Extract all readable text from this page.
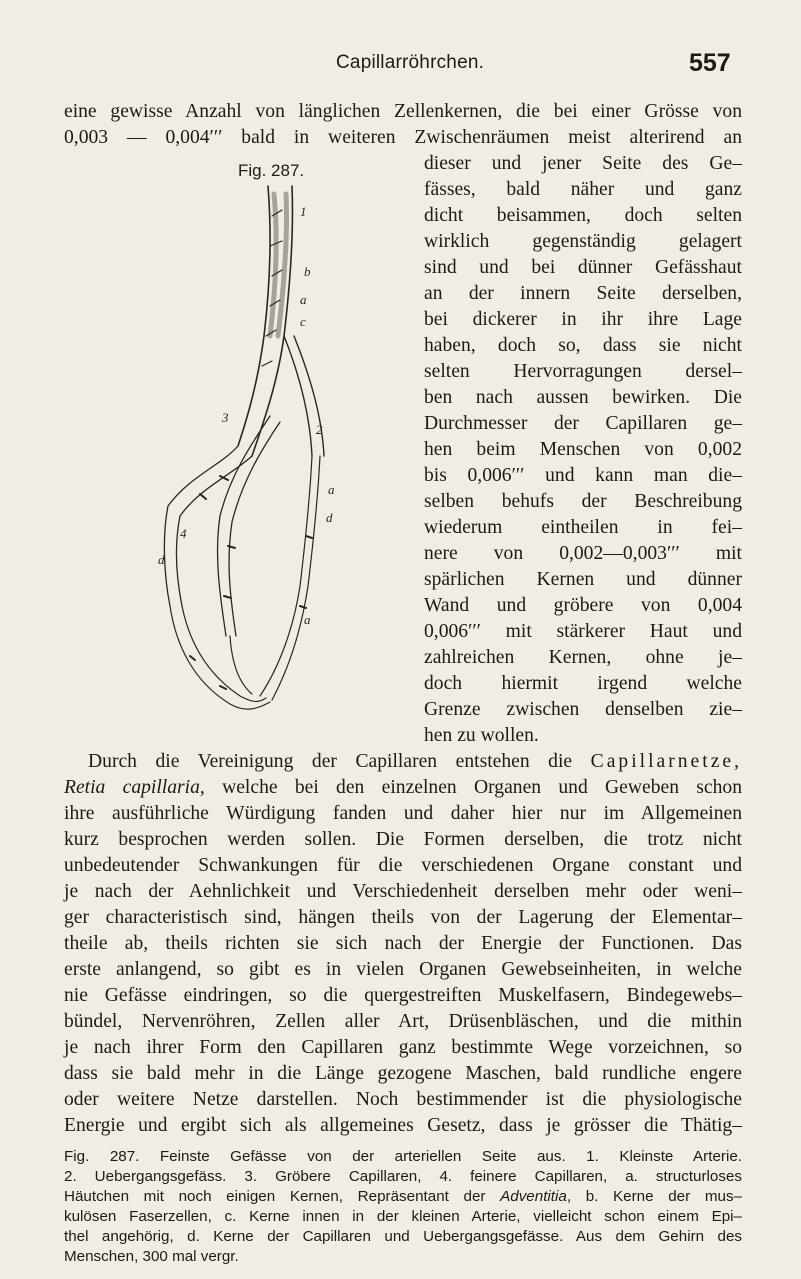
Capillarröhrchen.	557
eine gewisse Anzahl von länglichen Zellenkernen, die bei einer Grösse von
0,003 — 0,004′′′ bald in weiteren Zwischenräumen meist alterirend an
dieser und jener Seite des Ge–
fässes, bald näher und ganz
dicht beisammen, doch selten
wirklich gegenständig gelagert
sind und bei dünner Gefässhaut
an der innern Seite derselben,
bei dickerer in ihr ihre Lage
haben, doch so, dass sie nicht
selten Hervorragungen dersel–
ben nach aussen bewirken. Die
Durchmesser der Capillaren ge–
hen beim Menschen von 0,002
bis 0,006′′′ und kann man die–
selben behufs der Beschreibung
wiederum eintheilen in fei–
nere von 0,002—0,003′′′ mit
spärlichen Kernen und dünner
Wand und gröbere von 0,004
0,006′′′ mit stärkerer Haut und
zahlreichen Kernen, ohne je–
doch hiermit irgend welche
Grenze zwischen denselben zie–
hen zu wollen.
Durch die Vereinigung der Capillaren entstehen die Capillarnetze,
Retia capillaria, welche bei den einzelnen Organen und Geweben schon
ihre ausführliche Würdigung fanden und daher hier nur im Allgemeinen
kurz besprochen werden sollen. Die Formen derselben, die trotz nicht
unbedeutender Schwankungen für die verschiedenen Organe constant und
je nach der Aehnlichkeit und Verschiedenheit derselben mehr oder weni–
ger characteristisch sind, hängen theils von der Lagerung der Elementar–
theile ab, theils richten sie sich nach der Energie der Functionen. Das
erste anlangend, so gibt es in vielen Organen Gewebseinheiten, in welche
nie Gefässe eindringen, so die quergestreiften Muskelfasern, Bindegewebs–
bündel, Nervenröhren, Zellen aller Art, Drüsenbläschen, und die mithin
je nach ihrer Form den Capillaren ganz bestimmte Wege vorzeichnen, so
dass sie bald mehr in die Länge gezogene Maschen, bald rundliche engere
oder weitere Netze darstellen. Noch bestimmender ist die physiologische
Energie und ergibt sich als allgemeines Gesetz, dass je grösser die Thätig–
Fig. 287.
1
b
a
c
3
2
a
4
d
d
a
Fig. 287. Feinste Gefässe von der arteriellen Seite aus. 1. Kleinste Arterie.
2. Uebergangsgefäss. 3. Gröbere Capillaren, 4. feinere Capillaren, a. structurloses
Häutchen mit noch einigen Kernen, Repräsentant der Adventitia, b. Kerne der mus–
kulösen Faserzellen, c. Kerne innen in der kleinen Arterie, vielleicht schon einem Epi–
thel angehörig, d. Kerne der Capillaren und Uebergangsgefässe. Aus dem Gehirn des
Menschen, 300 mal vergr.
